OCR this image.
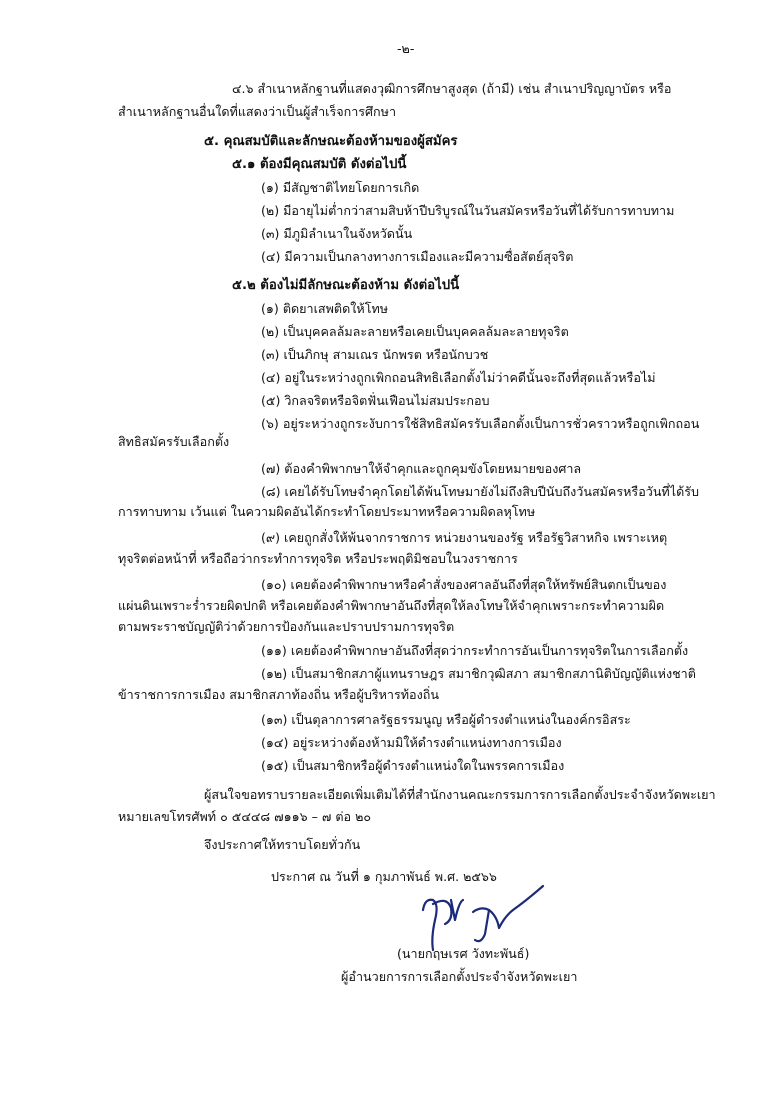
-๒-
๔.๖ สำเนาหลักฐานที่แสดงวุฒิการศึกษาสูงสุด (ถ้ามี) เช่น สำเนาปริญญาบัตร หรือ
สำเนาหลักฐานอื่นใดที่แสดงว่าเป็นผู้สำเร็จการศึกษา
๕. คุณสมบัติและลักษณะต้องห้ามของผู้สมัคร
๕.๑ ต้องมีคุณสมบัติ ดังต่อไปนี้
(๑) มีสัญชาติไทยโดยการเกิด
(๒) มีอายุไม่ต่ำกว่าสามสิบห้าปีบริบูรณ์ในวันสมัครหรือวันที่ได้รับการทาบทาม
(๓) มีภูมิลำเนาในจังหวัดนั้น
(๔) มีความเป็นกลางทางการเมืองและมีความซื่อสัตย์สุจริต
๕.๒ ต้องไม่มีลักษณะต้องห้าม ดังต่อไปนี้
(๑) ติดยาเสพติดให้โทษ
(๒) เป็นบุคคลล้มละลายหรือเคยเป็นบุคคลล้มละลายทุจริต
(๓) เป็นภิกษุ สามเณร นักพรต หรือนักบวช
(๔) อยู่ในระหว่างถูกเพิกถอนสิทธิเลือกตั้งไม่ว่าคดีนั้นจะถึงที่สุดแล้วหรือไม่
(๕) วิกลจริตหรือจิตฟั่นเฟือนไม่สมประกอบ
(๖) อยู่ระหว่างถูกระงับการใช้สิทธิสมัครรับเลือกตั้งเป็นการชั่วคราวหรือถูกเพิกถอน
สิทธิสมัครรับเลือกตั้ง
(๗) ต้องคำพิพากษาให้จำคุกและถูกคุมขังโดยหมายของศาล
(๘) เคยได้รับโทษจำคุกโดยได้พ้นโทษมายังไม่ถึงสิบปีนับถึงวันสมัครหรือวันที่ได้รับ
การทาบทาม เว้นแต่ ในความผิดอันได้กระทำโดยประมาทหรือความผิดลหุโทษ
(๙) เคยถูกสั่งให้พ้นจากราชการ หน่วยงานของรัฐ หรือรัฐวิสาหกิจ เพราะเหตุ
ทุจริตต่อหน้าที่ หรือถือว่ากระทำการทุจริต หรือประพฤติมิชอบในวงราชการ
(๑๐) เคยต้องคำพิพากษาหรือคำสั่งของศาลอันถึงที่สุดให้ทรัพย์สินตกเป็นของ
แผ่นดินเพราะร่ำรวยผิดปกติ หรือเคยต้องคำพิพากษาอันถึงที่สุดให้ลงโทษให้จำคุกเพราะกระทำความผิด
ตามพระราชบัญญัติว่าด้วยการป้องกันและปราบปรามการทุจริต
(๑๑) เคยต้องคำพิพากษาอันถึงที่สุดว่ากระทำการอันเป็นการทุจริตในการเลือกตั้ง
(๑๒) เป็นสมาชิกสภาผู้แทนราษฎร สมาชิกวุฒิสภา สมาชิกสภานิติบัญญัติแห่งชาติ
ข้าราชการการเมือง สมาชิกสภาท้องถิ่น หรือผู้บริหารท้องถิ่น
(๑๓) เป็นตุลาการศาลรัฐธรรมนูญ หรือผู้ดำรงตำแหน่งในองค์กรอิสระ
(๑๔) อยู่ระหว่างต้องห้ามมิให้ดำรงตำแหน่งทางการเมือง
(๑๕) เป็นสมาชิกหรือผู้ดำรงตำแหน่งใดในพรรคการเมือง
ผู้สนใจขอทราบรายละเอียดเพิ่มเติมได้ที่สำนักงานคณะกรรมการการเลือกตั้งประจำจังหวัดพะเยา
หมายเลขโทรศัพท์ ๐ ๕๔๔๘ ๗๑๑๖ – ๗ ต่อ ๒๐
จึงประกาศให้ทราบโดยทั่วกัน
ประกาศ ณ วันที่ ๑ กุมภาพันธ์ พ.ศ. ๒๕๖๖
(นายกฤษเรศ วังทะพันธ์)
ผู้อำนวยการการเลือกตั้งประจำจังหวัดพะเยา
